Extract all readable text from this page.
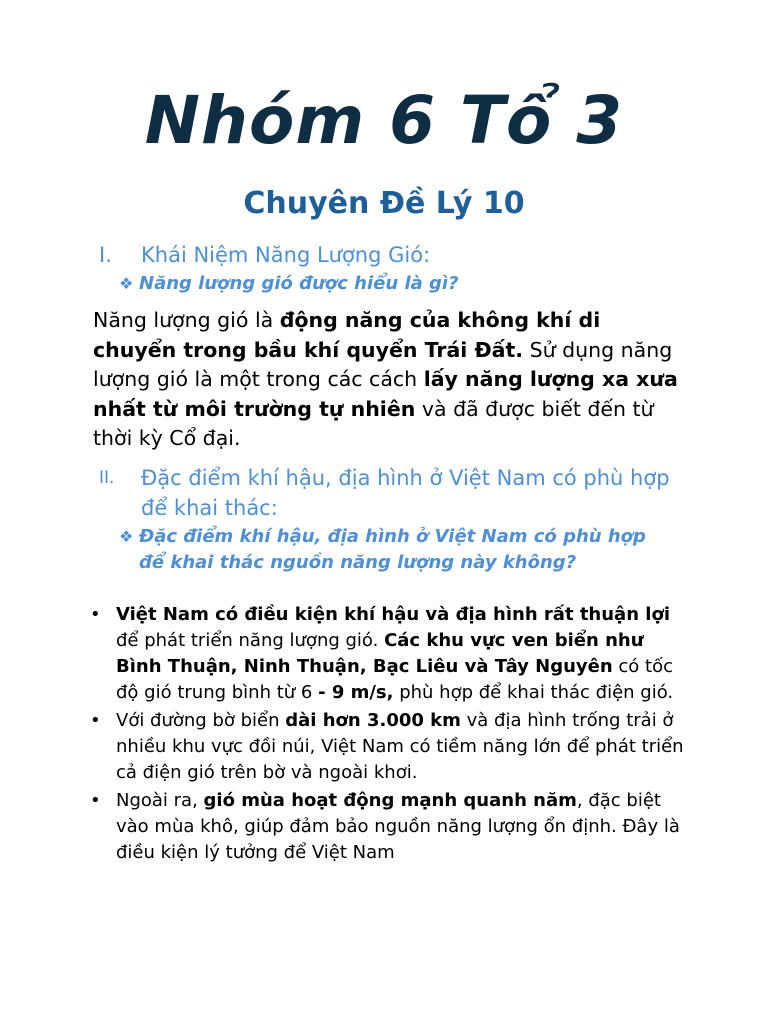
Nhóm 6 Tổ 3
Chuyên Đề Lý 10
I. Khái Niệm Năng Lượng Gió:
❖ Năng lượng gió được hiểu là gì?

Năng lượng gió là động năng của không khí di chuyển trong bầu khí quyển Trái Đất. Sử dụng năng lượng gió là một trong các cách lấy năng lượng xa xưa nhất từ môi trường tự nhiên và đã được biết đến từ thời kỳ Cổ đại.

II. Đặc điểm khí hậu, địa hình ở Việt Nam có phù hợp để khai thác:
❖ Đặc điểm khí hậu, địa hình ở Việt Nam có phù hợp để khai thác nguồn năng lượng này không?
• Việt Nam có điều kiện khí hậu và địa hình rất thuận lợi để phát triển năng lượng gió. Các khu vực ven biển như Bình Thuận, Ninh Thuận, Bạc Liêu và Tây Nguyên có tốc độ gió trung bình từ 6 - 9 m/s, phù hợp để khai thác điện gió.
• Với đường bờ biển dài hơn 3.000 km và địa hình trống trải ở nhiều khu vực đồi núi, Việt Nam có tiềm năng lớn để phát triển cả điện gió trên bờ và ngoài khơi.
• Ngoài ra, gió mùa hoạt động mạnh quanh năm, đặc biệt vào mùa khô, giúp đảm bảo nguồn năng lượng ổn định. Đây là điều kiện lý tưởng để Việt Nam
